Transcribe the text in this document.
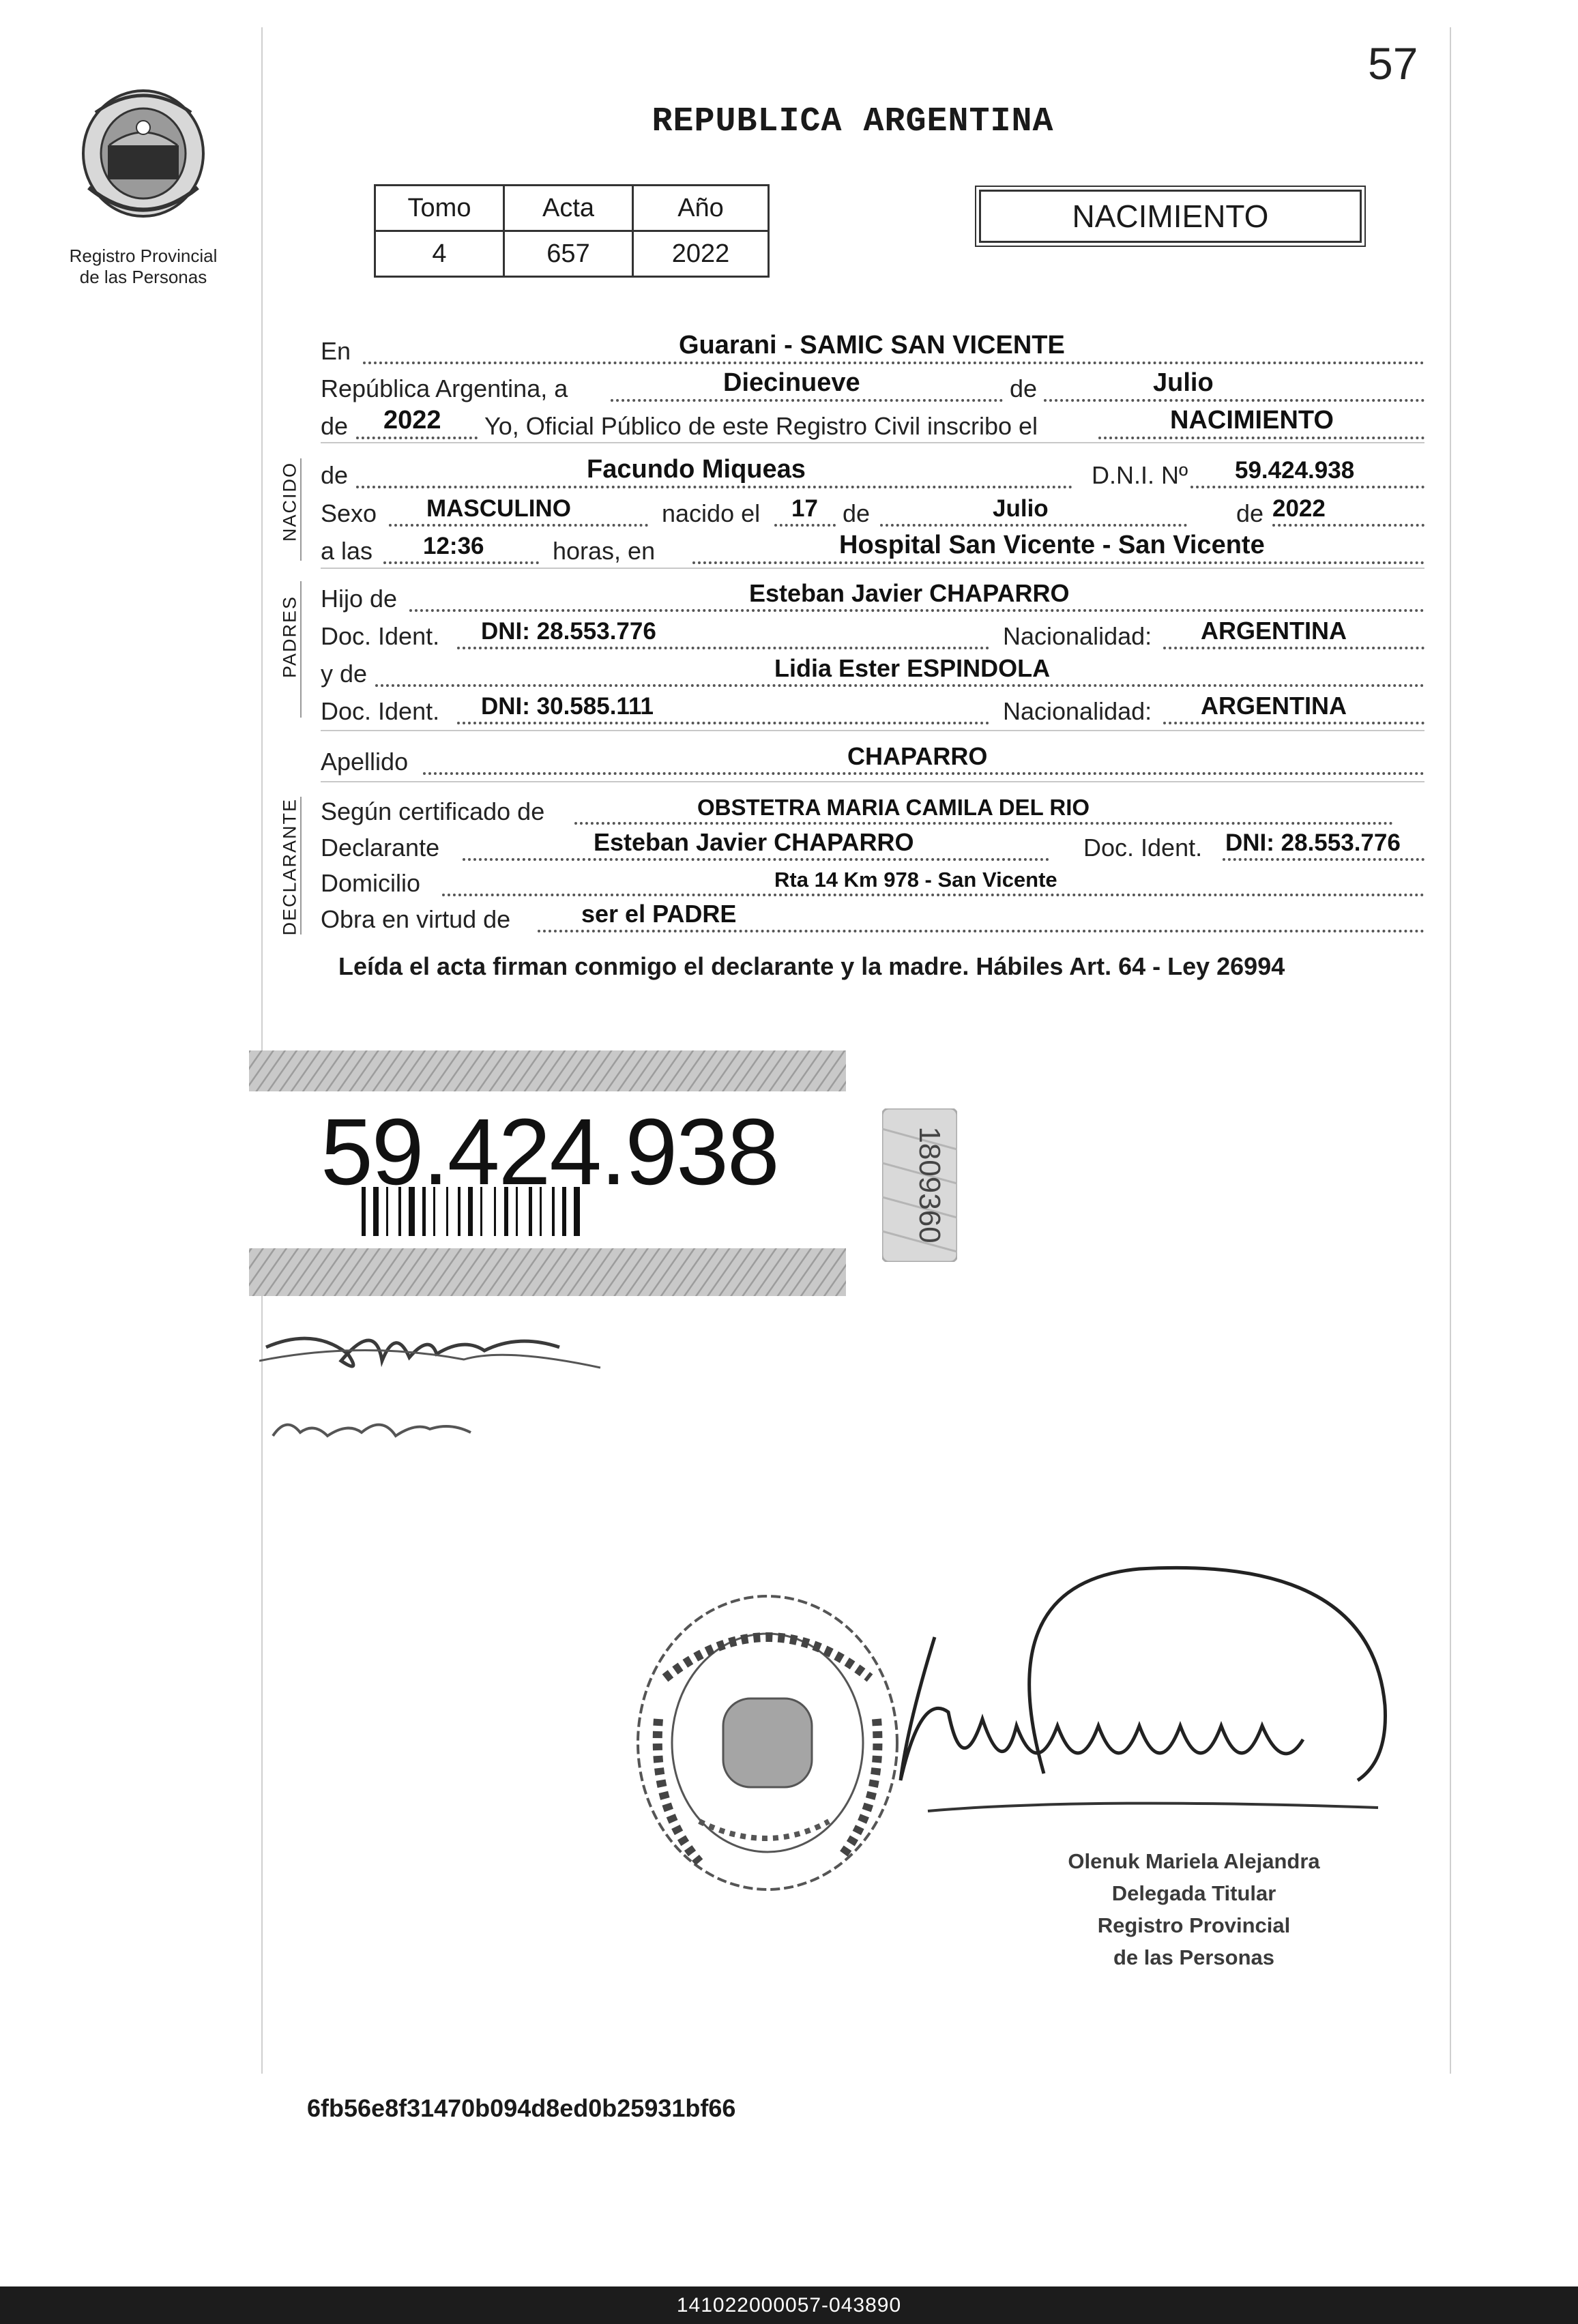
57
Registro Provincial
de las Personas
REPUBLICA ARGENTINA
Tomo	Acta	Año
4	657	2022
NACIMIENTO
En	Guarani - SAMIC SAN VICENTE
República Argentina, a	Diecinueve	de	Julio
de 2022 Yo, Oficial Público de este Registro Civil inscribo el	NACIMIENTO
NACIDO de	Facundo Miqueas	D.N.I. Nº 59.424.938
Sexo MASCULINO	nacido el 17 de	Julio	de 2022
a las 12:36	horas, en	Hospital San Vicente - San Vicente
PADRES Hijo de	Esteban Javier CHAPARRO
Doc. Ident. DNI: 28.553.776	Nacionalidad: ARGENTINA
y de	Lidia Ester ESPINDOLA
Doc. Ident. DNI: 30.585.111	Nacionalidad: ARGENTINA
Apellido	CHAPARRO
DECLARANTE Según certificado de	OBSTETRA MARIA CAMILA DEL RIO
Declarante	Esteban Javier CHAPARRO	Doc. Ident. DNI: 28.553.776
Domicilio	Rta 14 Km 978 - San Vicente
Obra en virtud de	ser el PADRE
Leída el acta firman conmigo el declarante y la madre. Hábiles Art. 64 - Ley 26994
59.424.938	1809360
Olenuk Mariela Alejandra
Delegada Titular
Registro Provincial
de las Personas
6fb56e8f31470b094d8ed0b25931bf66
141022000057-043890
